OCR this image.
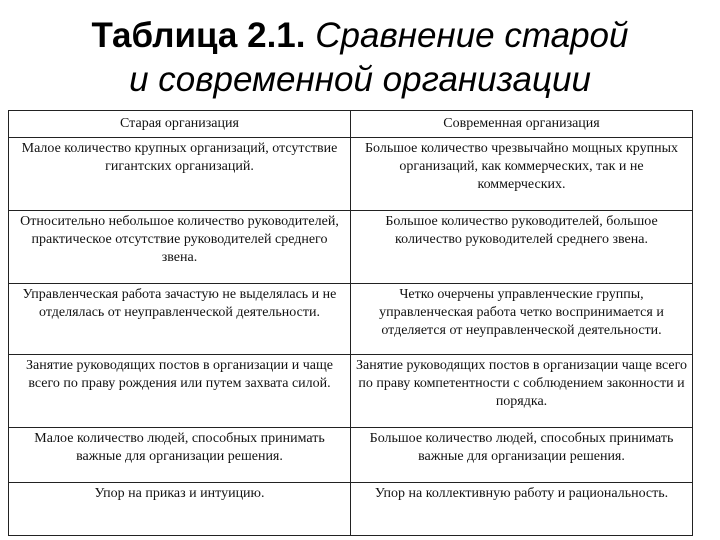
Таблица 2.1. Сравнение старой
и современной организации
Старая организация	Современная организация
Малое количество крупных организаций, отсутствие гигантских организаций.	Большое количество чрезвычайно мощных крупных организаций, как коммерческих, так и не коммерческих.
Относительно небольшое количество руководителей, практическое отсутствие руководителей среднего звена.	Большое количество руководителей, большое количество руководителей среднего звена.
Управленческая работа зачастую не выделялась и не отделялась от неуправленческой деятельности.	Четко очерчены управленческие группы, управленческая работа четко воспринимается и отделяется от неуправленческой деятельности.
Занятие руководящих постов в организации и чаще всего по праву рождения или путем захвата силой.	Занятие руководящих постов в организации чаще всего по праву компетентности с соблюдением законности и порядка.
Малое количество людей, способных принимать важные для организации решения.	Большое количество людей, способных принимать важные для организации решения.
Упор на приказ и интуицию.	Упор на коллективную работу и рациональность.
